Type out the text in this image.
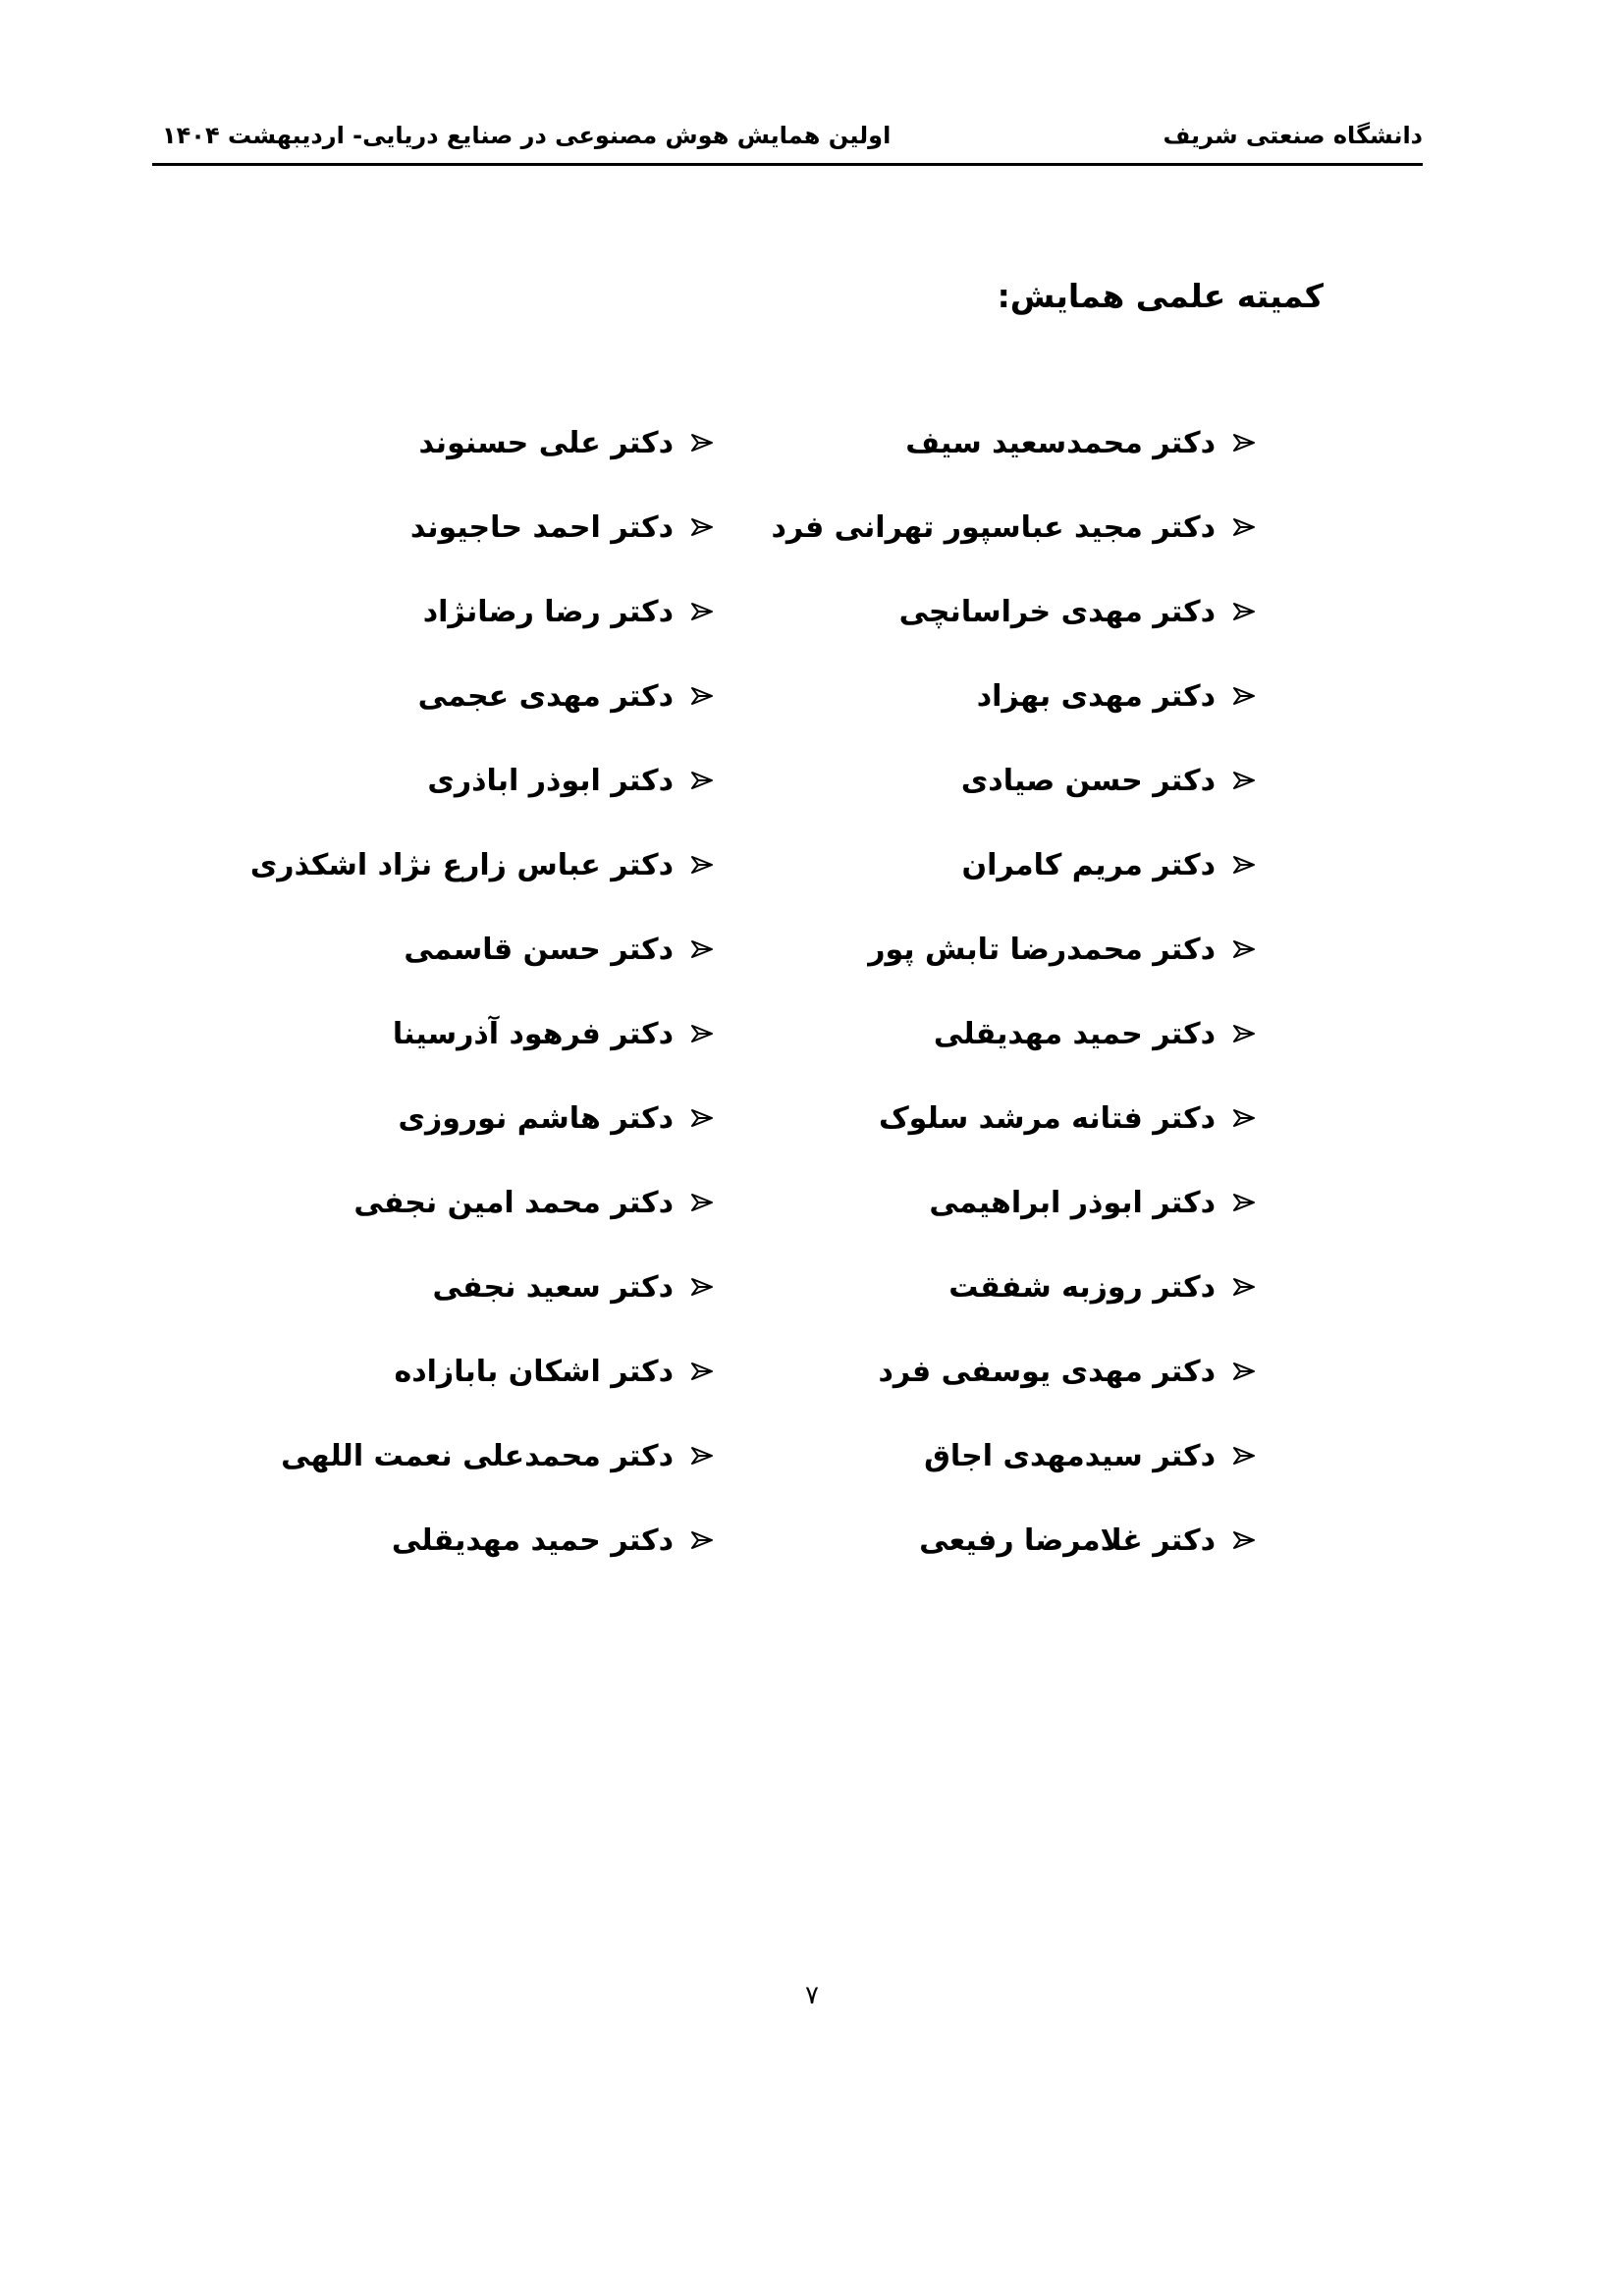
دانشگاه صنعتی شریف
اولین همایش هوش مصنوعی در صنایع دریایی- اردیبهشت ۱۴۰۴
کمیته علمی همایش:
دکتر محمدسعید سیف
دکتر مجید عباسپور تهرانی فرد
دکتر مهدی خراسانچی
دکتر مهدی بهزاد
دکتر حسن صیادی
دکتر مریم کامران
دکتر محمدرضا تابش پور
دکتر حمید مهدیقلی
دکتر فتانه مرشد سلوک
دکتر ابوذر ابراهیمی
دکتر روزبه شفقت
دکتر مهدی یوسفی فرد
دکتر سیدمهدی اجاق
دکتر غلامرضا رفیعی
دکتر علی حسنوند
دکتر احمد حاجیوند
دکتر رضا رضانژاد
دکتر مهدی عجمی
دکتر ابوذر اباذری
دکتر عباس زارع نژاد اشکذری
دکتر حسن قاسمی
دکتر فرهود آذرسینا
دکتر هاشم نوروزی
دکتر محمد امین نجفی
دکتر سعید نجفی
دکتر اشکان بابازاده
دکتر محمدعلی نعمت اللهی
دکتر حمید مهدیقلی
۷
